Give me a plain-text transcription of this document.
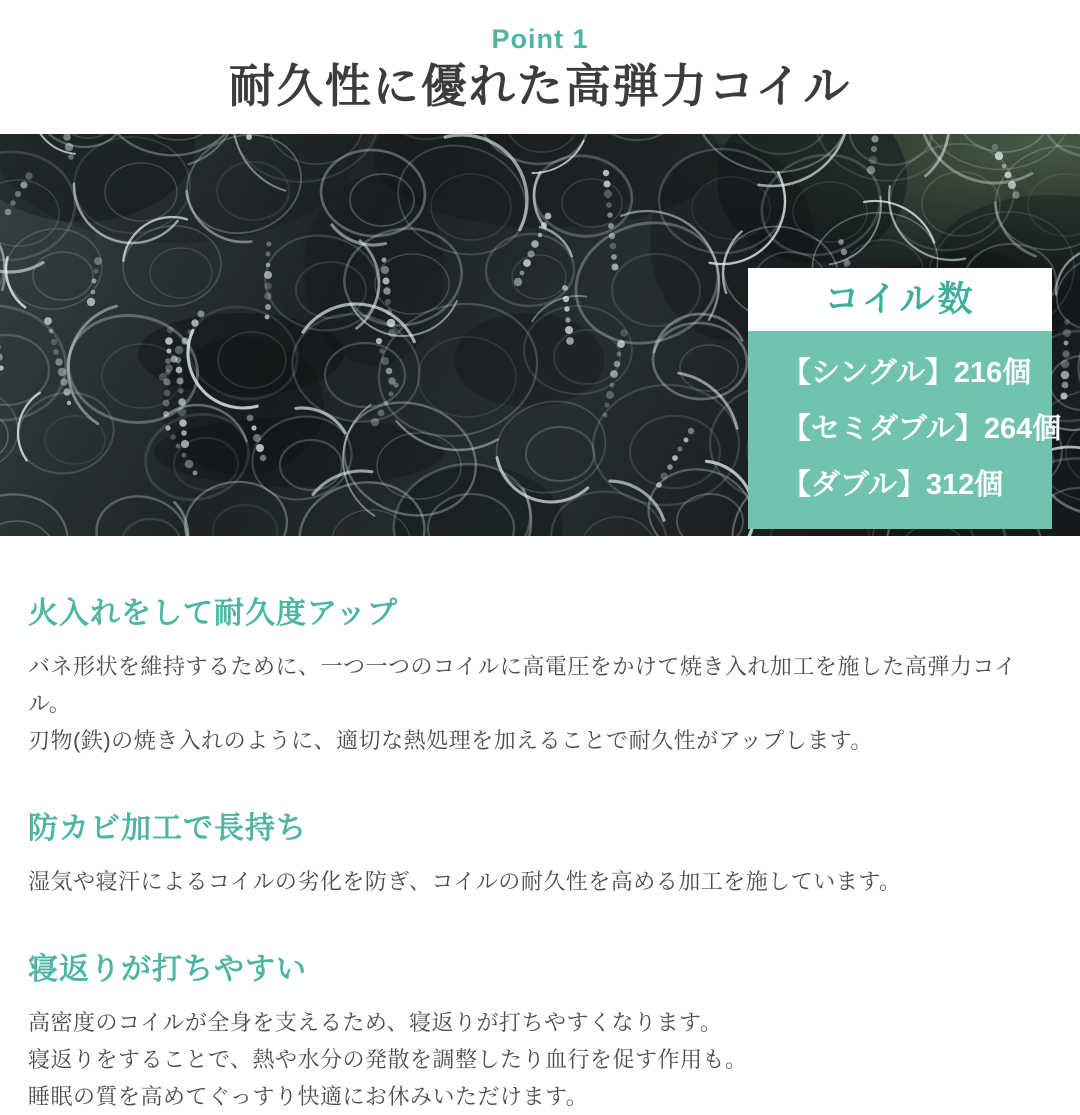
Point 1
耐久性に優れた高弾力コイル
コイル数
【シングル】216個
【セミダブル】264個
【ダブル】312個
火入れをして耐久度アップ

バネ形状を維持するために、一つ一つのコイルに高電圧をかけて焼き入れ加工を施した高弾力コイル。

刃物(鉄)の焼き入れのように、適切な熱処理を加えることで耐久性がアップします。

防カビ加工で長持ち

湿気や寝汗によるコイルの劣化を防ぎ、コイルの耐久性を高める加工を施しています。

寝返りが打ちやすい

高密度のコイルが全身を支えるため、寝返りが打ちやすくなります。

寝返りをすることで、熱や水分の発散を調整したり血行を促す作用も。

睡眠の質を高めてぐっすり快適にお休みいただけます。
